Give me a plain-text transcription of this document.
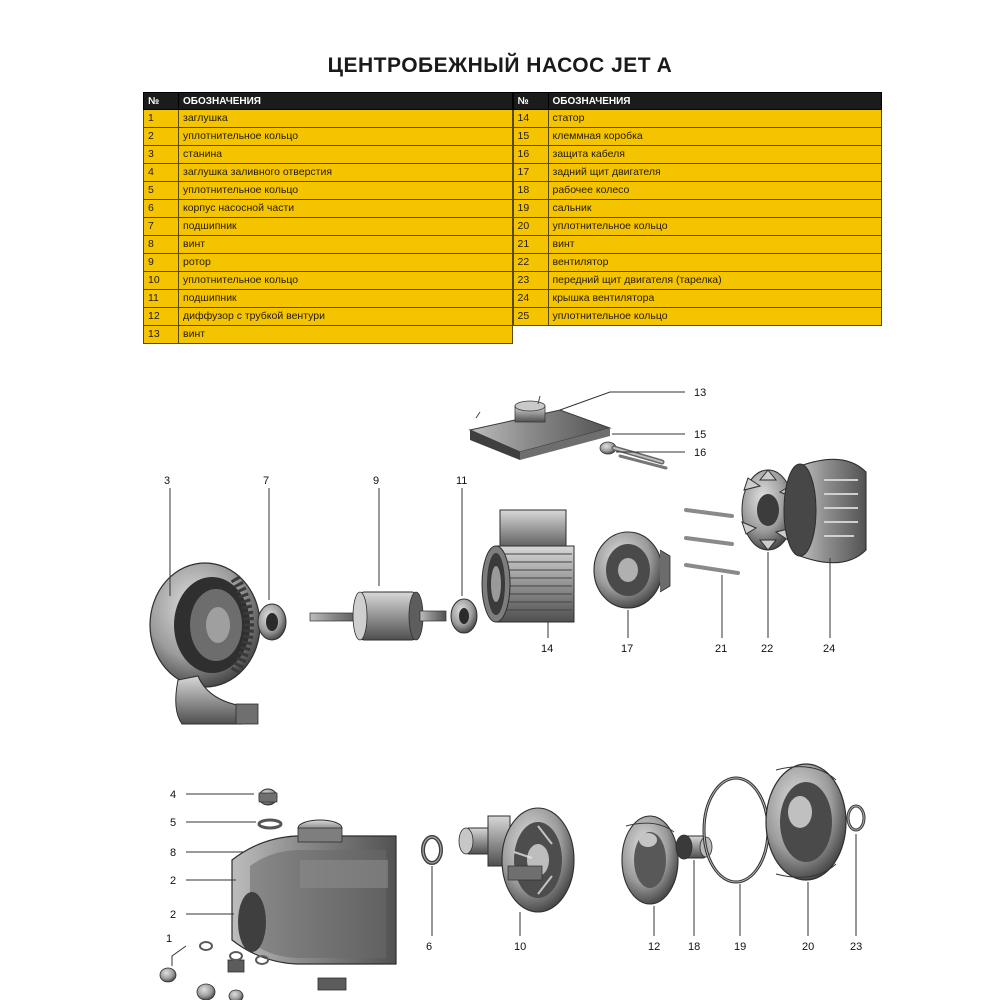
ЦЕНТРОБЕЖНЫЙ НАСОС JET A
№	ОБОЗНАЧЕНИЯ
1	заглушка
2	уплотнительное кольцо
3	станина
4	заглушка заливного отверстия
5	уплотнительное кольцо
6	корпус насосной части
7	подшипник
8	винт
9	ротор
10	уплотнительное кольцо
11	подшипник
12	диффузор с трубкой вентури
13	винт
№	ОБОЗНАЧЕНИЯ
14	статор
15	клеммная коробка
16	защита кабеля
17	задний щит двигателя
18	рабочее колесо
19	сальник
20	уплотнительное кольцо
21	винт
22	вентилятор
23	передний щит двигателя (тарелка)
24	крышка вентилятора
25	уплотнительное кольцо

13
15
16
3	7	9	11
14	17	21	22	24
4
5
8
2
2
1
6	10	12	18	19	20	23
